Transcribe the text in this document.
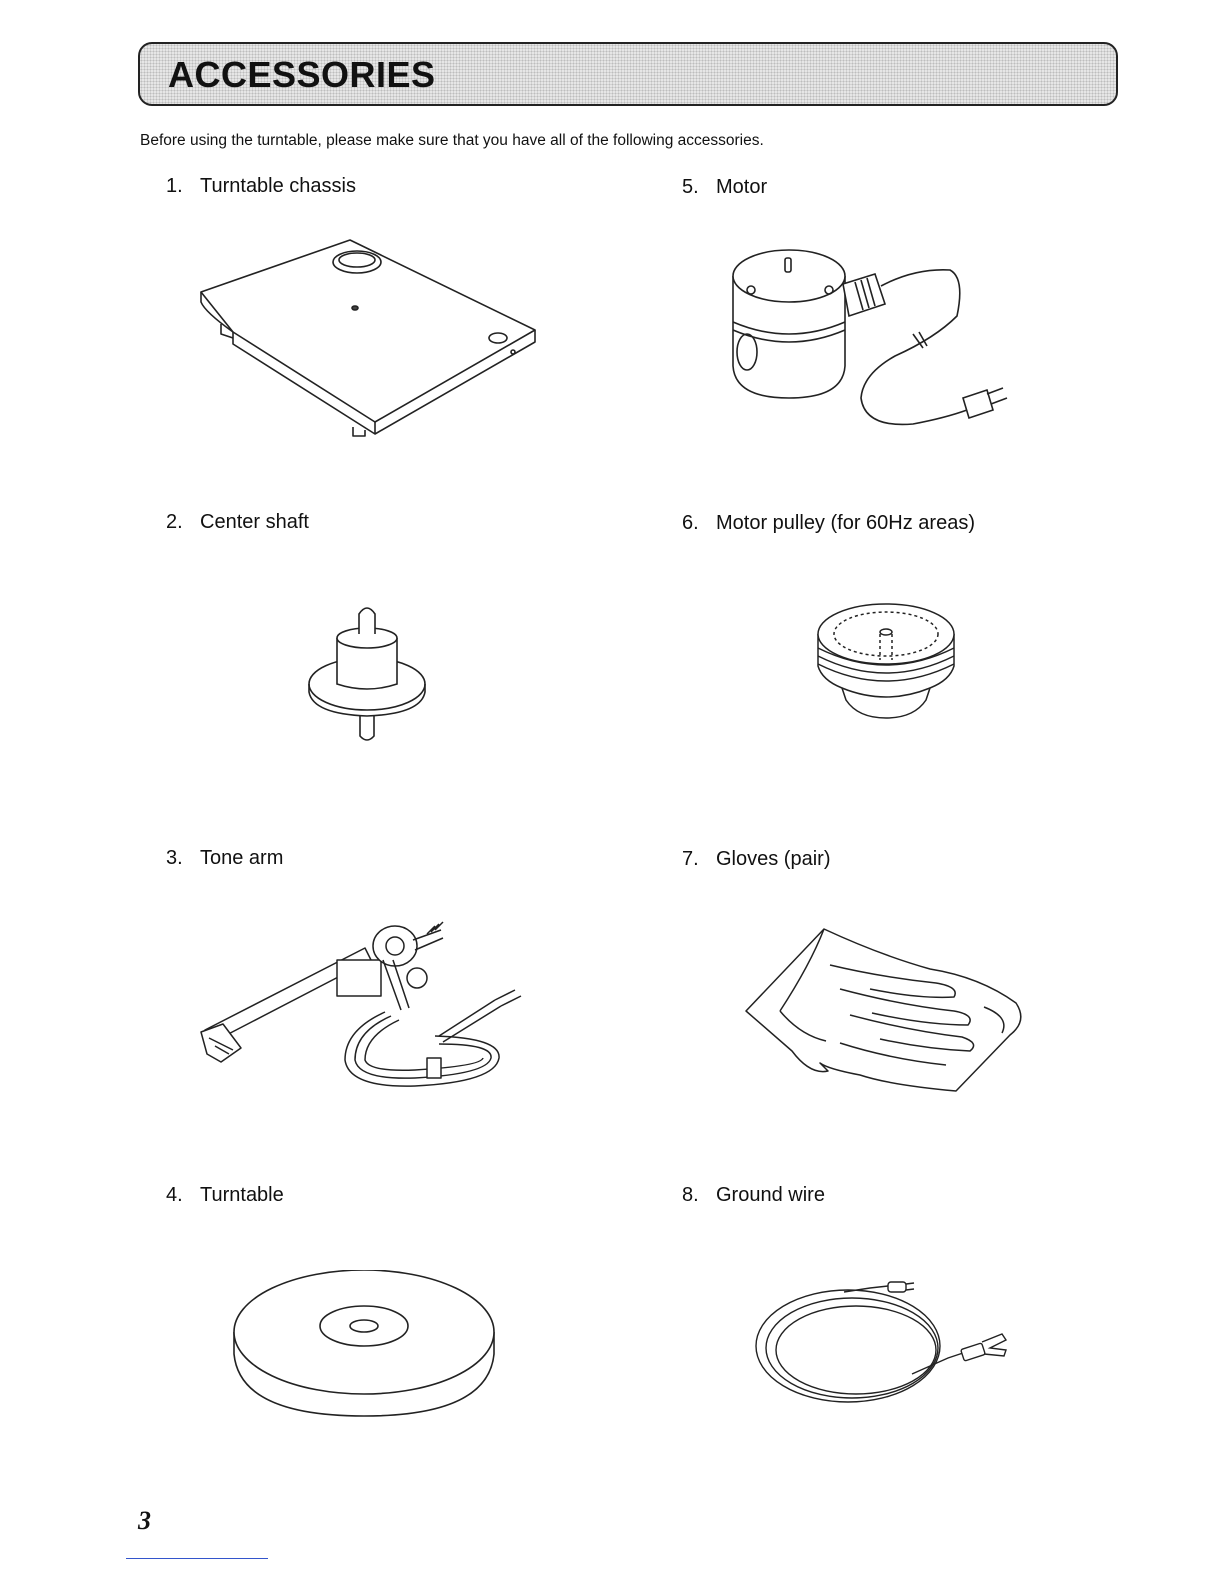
ACCESSORIES
Before using the turntable, please make sure that you have all of the following accessories.
1. Turntable chassis
2. Center shaft
3. Tone arm
4. Turntable
5. Motor
6. Motor pulley (for 60Hz areas)
7. Gloves (pair)
8. Ground wire
3
